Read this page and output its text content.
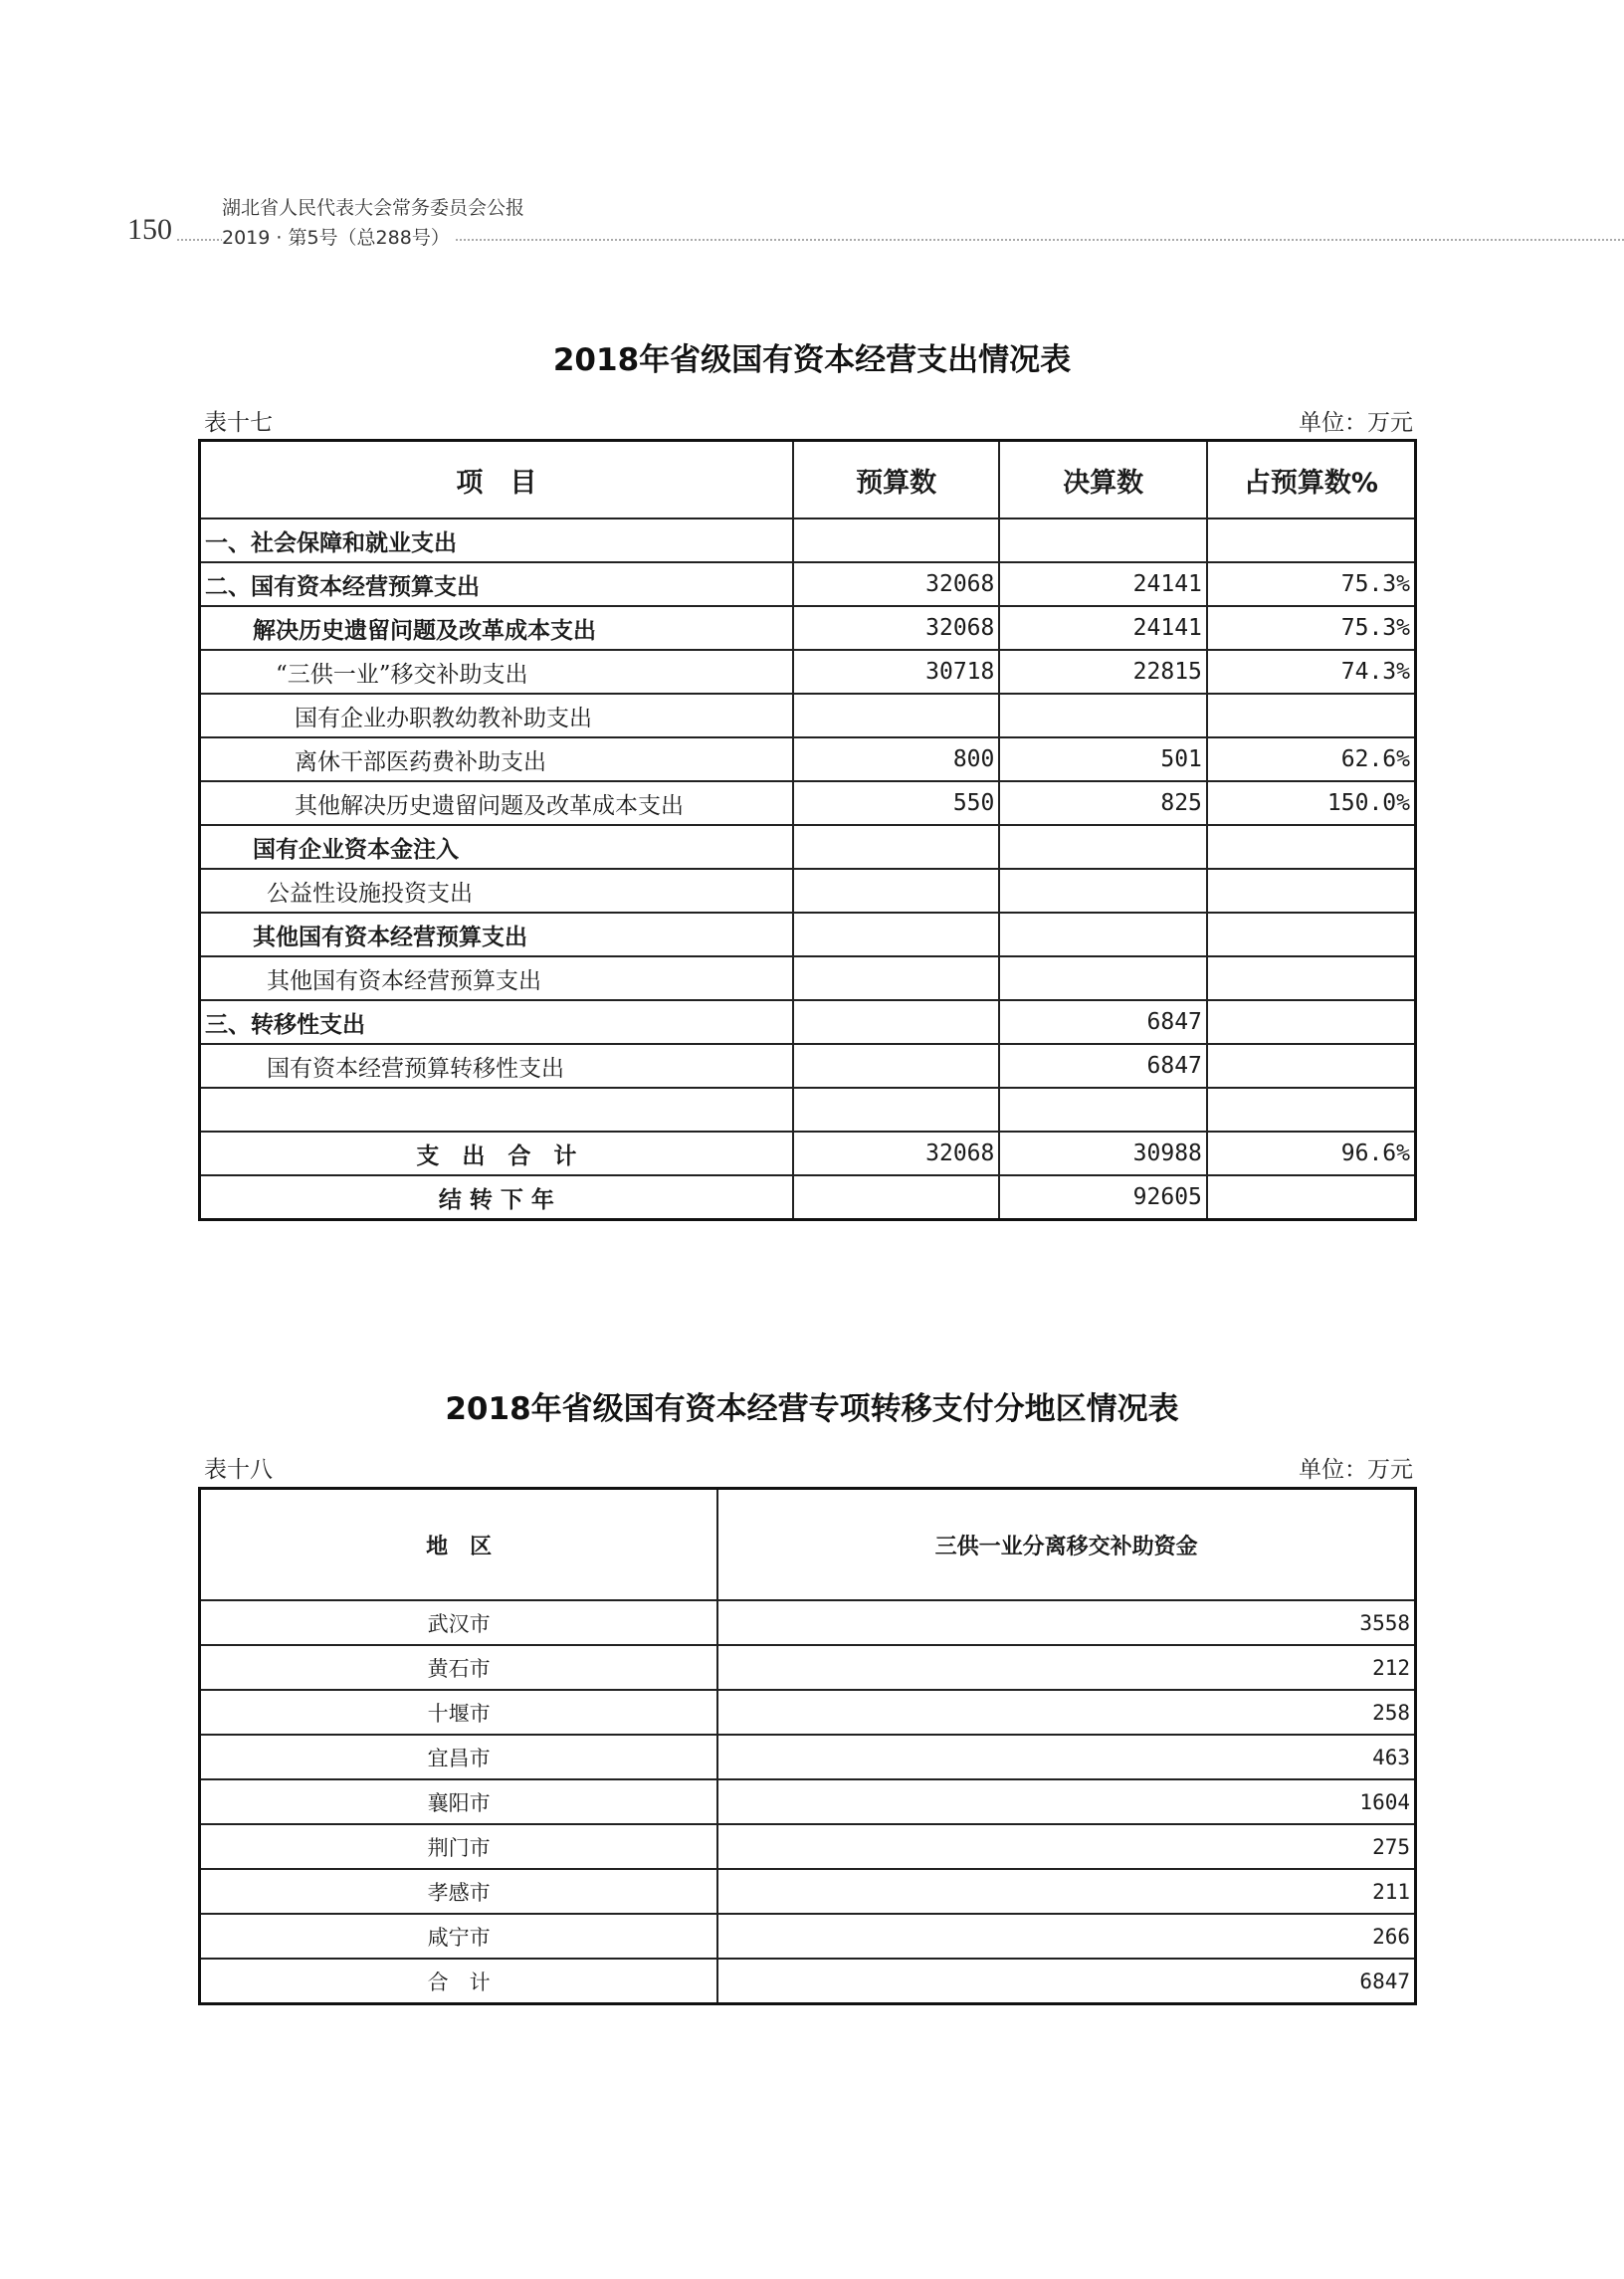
150
湖北省人民代表大会常务委员会公报
2019 · 第5号（总288号）
2018年省级国有资本经营支出情况表
表十七	单位：万元
项　目	预算数	决算数	占预算数%
一、社会保障和就业支出			
二、国有资本经营预算支出	32068	24141	75.3%
解决历史遗留问题及改革成本支出	32068	24141	75.3%
“三供一业”移交补助支出	30718	22815	74.3%
国有企业办职教幼教补助支出			
离休干部医药费补助支出	800	501	62.6%
其他解决历史遗留问题及改革成本支出	550	825	150.0%
国有企业资本金注入			
公益性设施投资支出			
其他国有资本经营预算支出			
其他国有资本经营预算支出			
三、转移性支出		6847	
国有资本经营预算转移性支出		6847	

支　出　合　计	32068	30988	96.6%
结 转 下 年		92605	
2018年省级国有资本经营专项转移支付分地区情况表
表十八	单位：万元
地　区	三供一业分离移交补助资金
武汉市	3558
黄石市	212
十堰市	258
宜昌市	463
襄阳市	1604
荆门市	275
孝感市	211
咸宁市	266
合　计	6847
